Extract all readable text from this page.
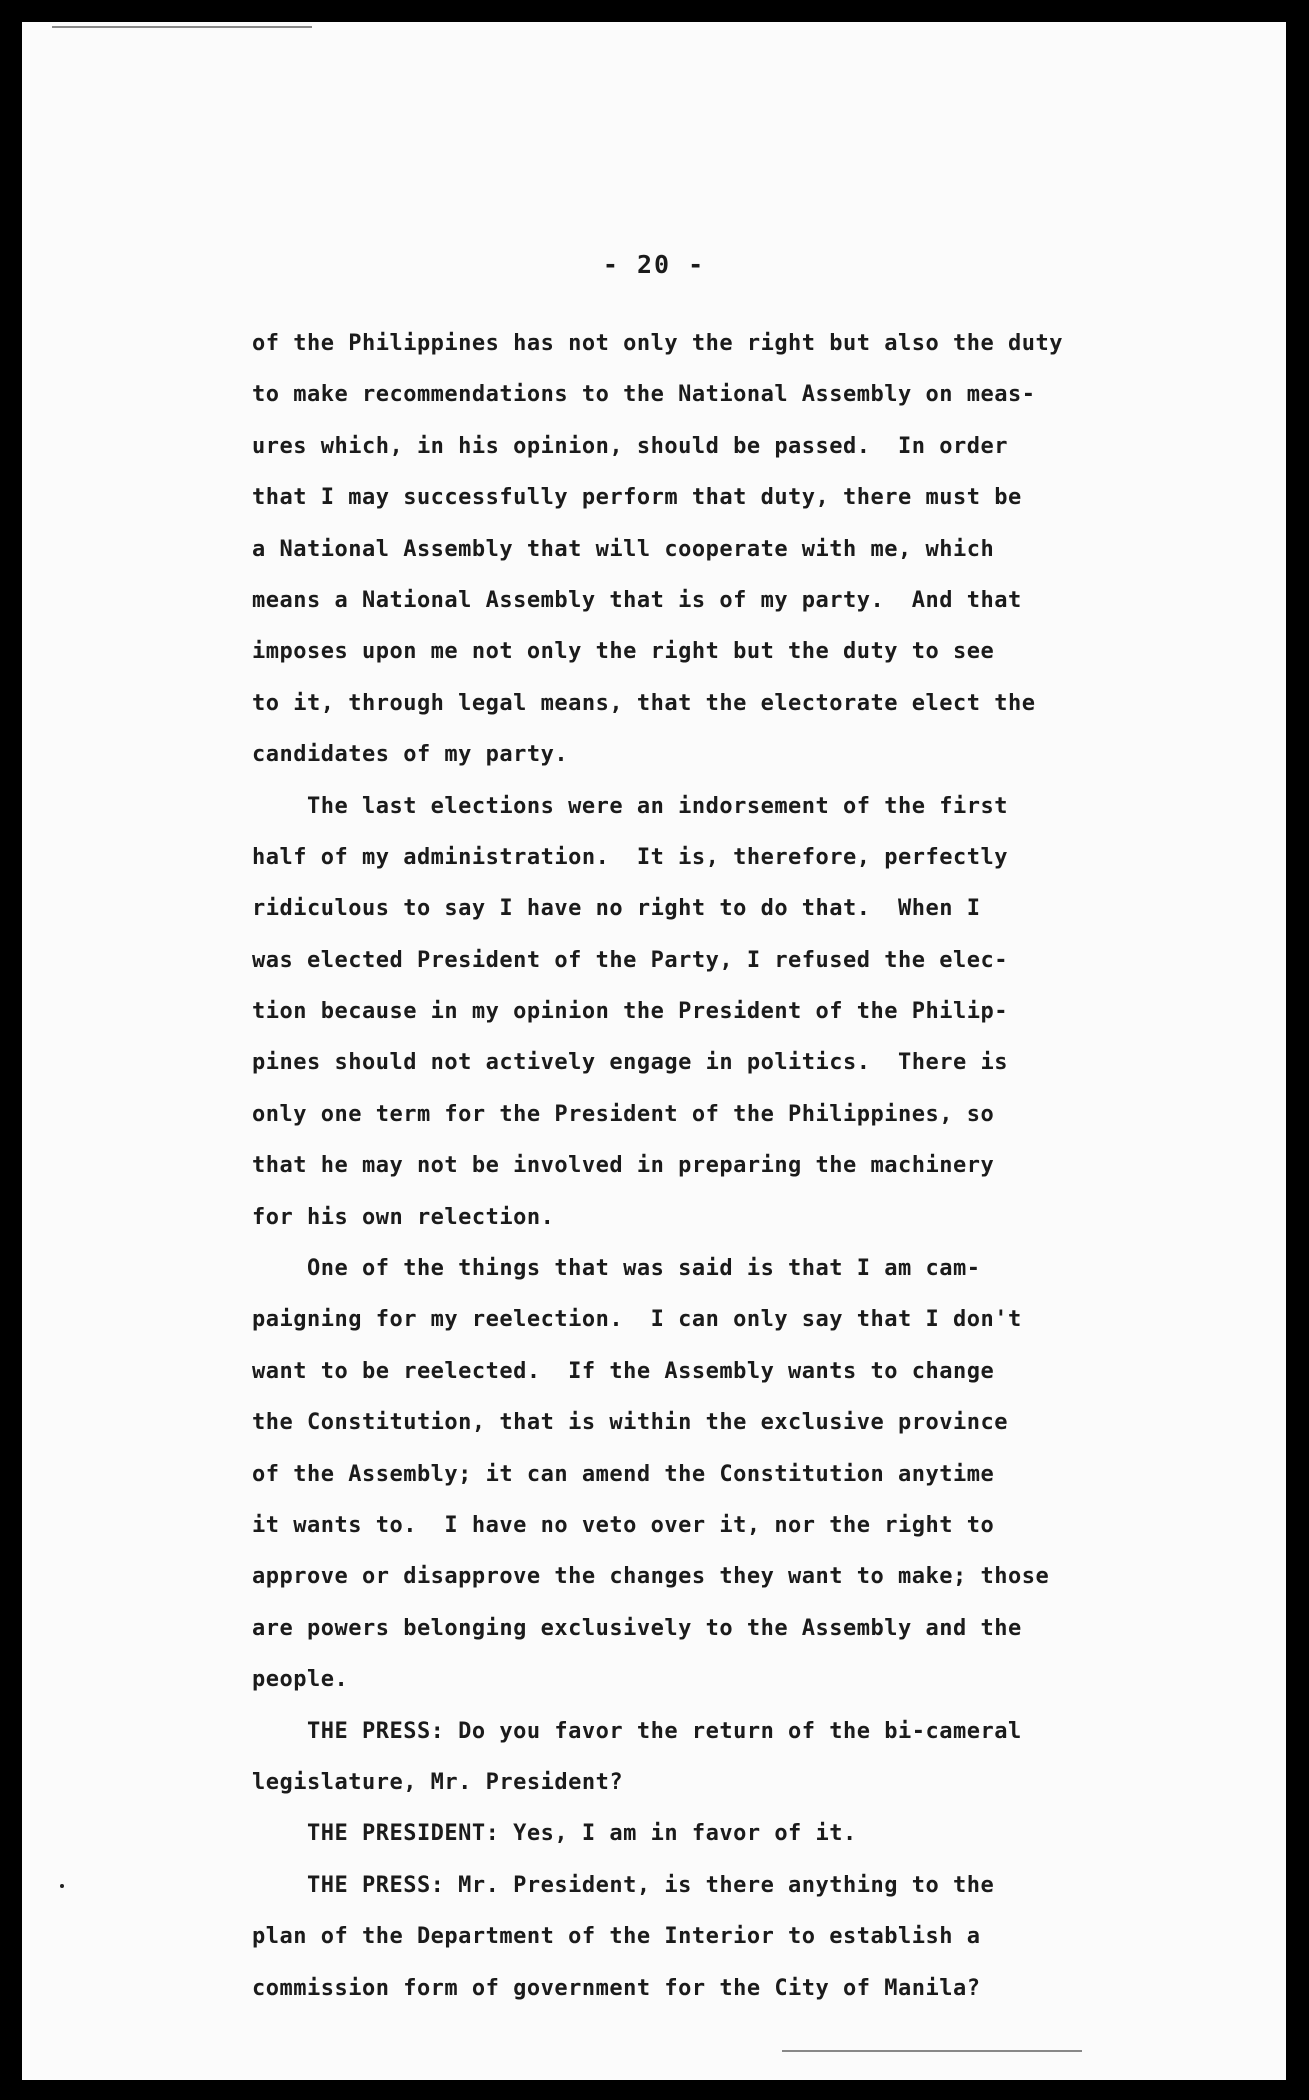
- 20 -
of the Philippines has not only the right but also the duty
to make recommendations to the National Assembly on meas-
ures which, in his opinion, should be passed.  In order
that I may successfully perform that duty, there must be
a National Assembly that will cooperate with me, which
means a National Assembly that is of my party.  And that
imposes upon me not only the right but the duty to see
to it, through legal means, that the electorate elect the
candidates of my party.
The last elections were an indorsement of the first
half of my administration.  It is, therefore, perfectly
ridiculous to say I have no right to do that.  When I
was elected President of the Party, I refused the elec-
tion because in my opinion the President of the Philip-
pines should not actively engage in politics.  There is
only one term for the President of the Philippines, so
that he may not be involved in preparing the machinery
for his own relection.
One of the things that was said is that I am cam-
paigning for my reelection.  I can only say that I don't
want to be reelected.  If the Assembly wants to change
the Constitution, that is within the exclusive province
of the Assembly; it can amend the Constitution anytime
it wants to.  I have no veto over it, nor the right to
approve or disapprove the changes they want to make; those
are powers belonging exclusively to the Assembly and the
people.
THE PRESS: Do you favor the return of the bi-cameral
legislature, Mr. President?
THE PRESIDENT: Yes, I am in favor of it.
THE PRESS: Mr. President, is there anything to the
plan of the Department of the Interior to establish a
commission form of government for the City of Manila?
